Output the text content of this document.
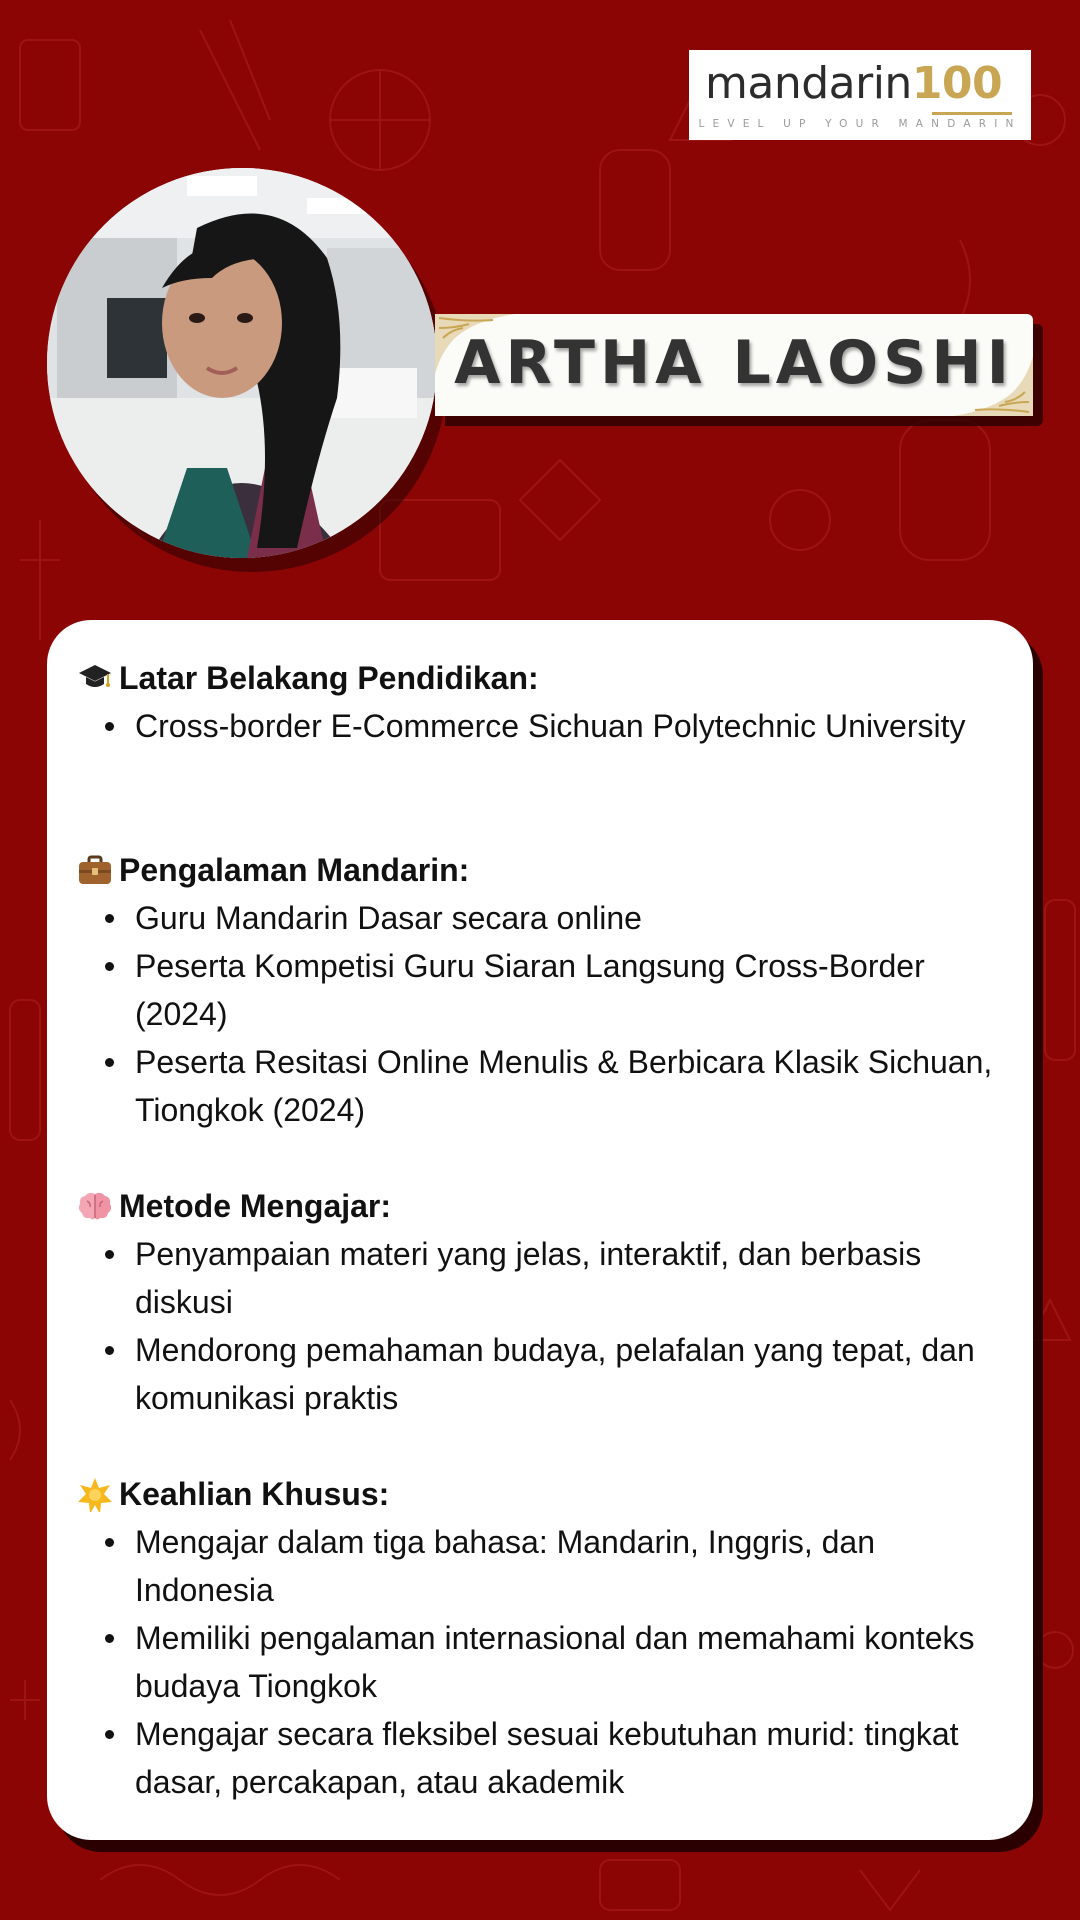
mandarin100
LEVEL UP YOUR MANDARIN
ARTHA LAOSHI
Latar Belakang Pendidikan:
Cross-border E-Commerce Sichuan Polytechnic University
Pengalaman Mandarin:
Guru Mandarin Dasar secara online
Peserta Kompetisi Guru Siaran Langsung Cross-Border (2024)
Peserta Resitasi Online Menulis & Berbicara Klasik Sichuan, Tiongkok (2024)
Metode Mengajar:
Penyampaian materi yang jelas, interaktif, dan berbasis diskusi
Mendorong pemahaman budaya, pelafalan yang tepat, dan komunikasi praktis
Keahlian Khusus:
Mengajar dalam tiga bahasa: Mandarin, Inggris, dan Indonesia
Memiliki pengalaman internasional dan memahami konteks budaya Tiongkok
Mengajar secara fleksibel sesuai kebutuhan murid: tingkat dasar, percakapan, atau akademik
